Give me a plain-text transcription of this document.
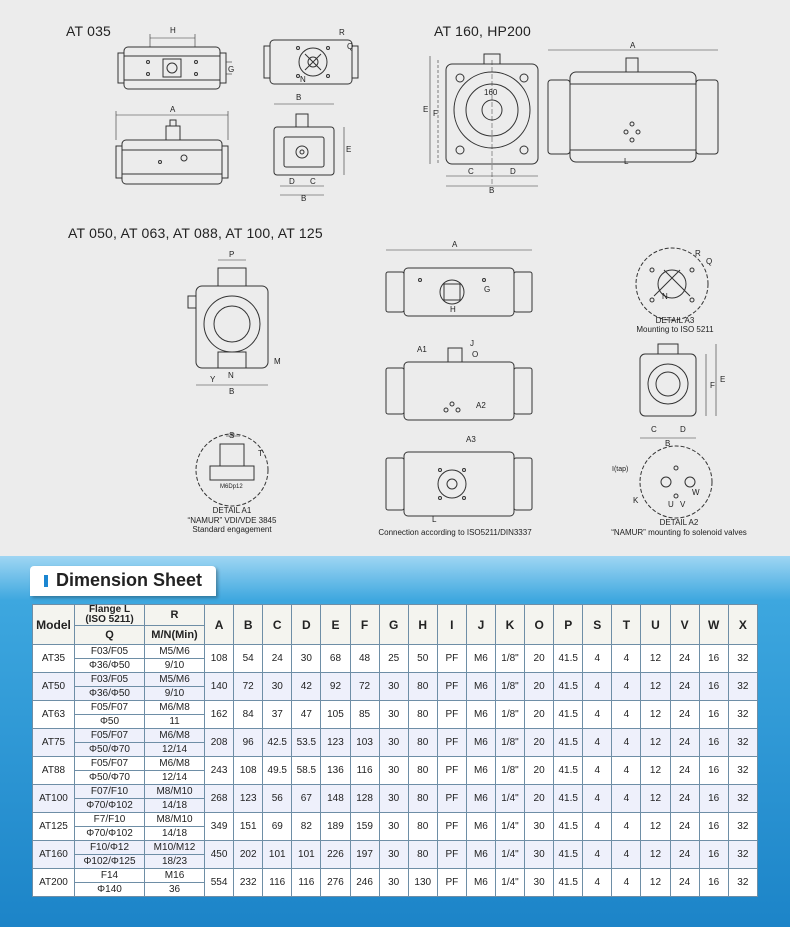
H	R
Q
G
A
N
B
E
D C
B
A
E F
C	D
B
160
L
P
M
N
Y
B
A
G
H
A1
J
O
A2
A3
L
S
T
M6Dp12
R
Q
N
E
F
C	D
B
K	U V
W
I(tap)
AT 035	AT 160, HP200
AT 050, AT 063, AT 088, AT 100, AT 125
DETAIL A1
“NAMUR” VDI/VDE 3845
Standard engagement
DETAIL A3
Mounting to ISO 5211
Connection according to ISO5211/DIN3337
DETAIL A2
“NAMUR” mounting fo solenoid valves
Dimension Sheet
Model	Flange L
(ISO 5211)	R	A	B	C	D	E	F	G	H	I	J	K	O	P	S	T	U	V	W	X
	Q	M/N(Min)																			
AT35	F03/F05	M5/M6	108	54	24	30	68	48	25	50	PF	M6	1/8"	20	41.5	4	4	12	24	16	32
	Φ36/Φ50	9/10																			
AT50	F03/F05	M5/M6	140	72	30	42	92	72	30	80	PF	M6	1/8"	20	41.5	4	4	12	24	16	32
	Φ36/Φ50	9/10																			
AT63	F05/F07	M6/M8	162	84	37	47	105	85	30	80	PF	M6	1/8"	20	41.5	4	4	12	24	16	32
	Φ50	11																			
AT75	F05/F07	M6/M8	208	96	42.5	53.5	123	103	30	80	PF	M6	1/8"	20	41.5	4	4	12	24	16	32
	Φ50/Φ70	12/14																			
AT88	F05/F07	M6/M8	243	108	49.5	58.5	136	116	30	80	PF	M6	1/8"	20	41.5	4	4	12	24	16	32
	Φ50/Φ70	12/14																			
AT100	F07/F10	M8/M10	268	123	56	67	148	128	30	80	PF	M6	1/4"	20	41.5	4	4	12	24	16	32
	Φ70/Φ102	14/18																			
AT125	F7/F10	M8/M10	349	151	69	82	189	159	30	80	PF	M6	1/4"	30	41.5	4	4	12	24	16	32
	Φ70/Φ102	14/18																			
AT160	F10/Φ12	M10/M12	450	202	101	101	226	197	30	80	PF	M6	1/4"	30	41.5	4	4	12	24	16	32
	Φ102/Φ125	18/23																			
AT200	F14	M16	554	232	116	116	276	246	30	130	PF	M6	1/4"	30	41.5	4	4	12	24	16	32
	Φ140	36																			
